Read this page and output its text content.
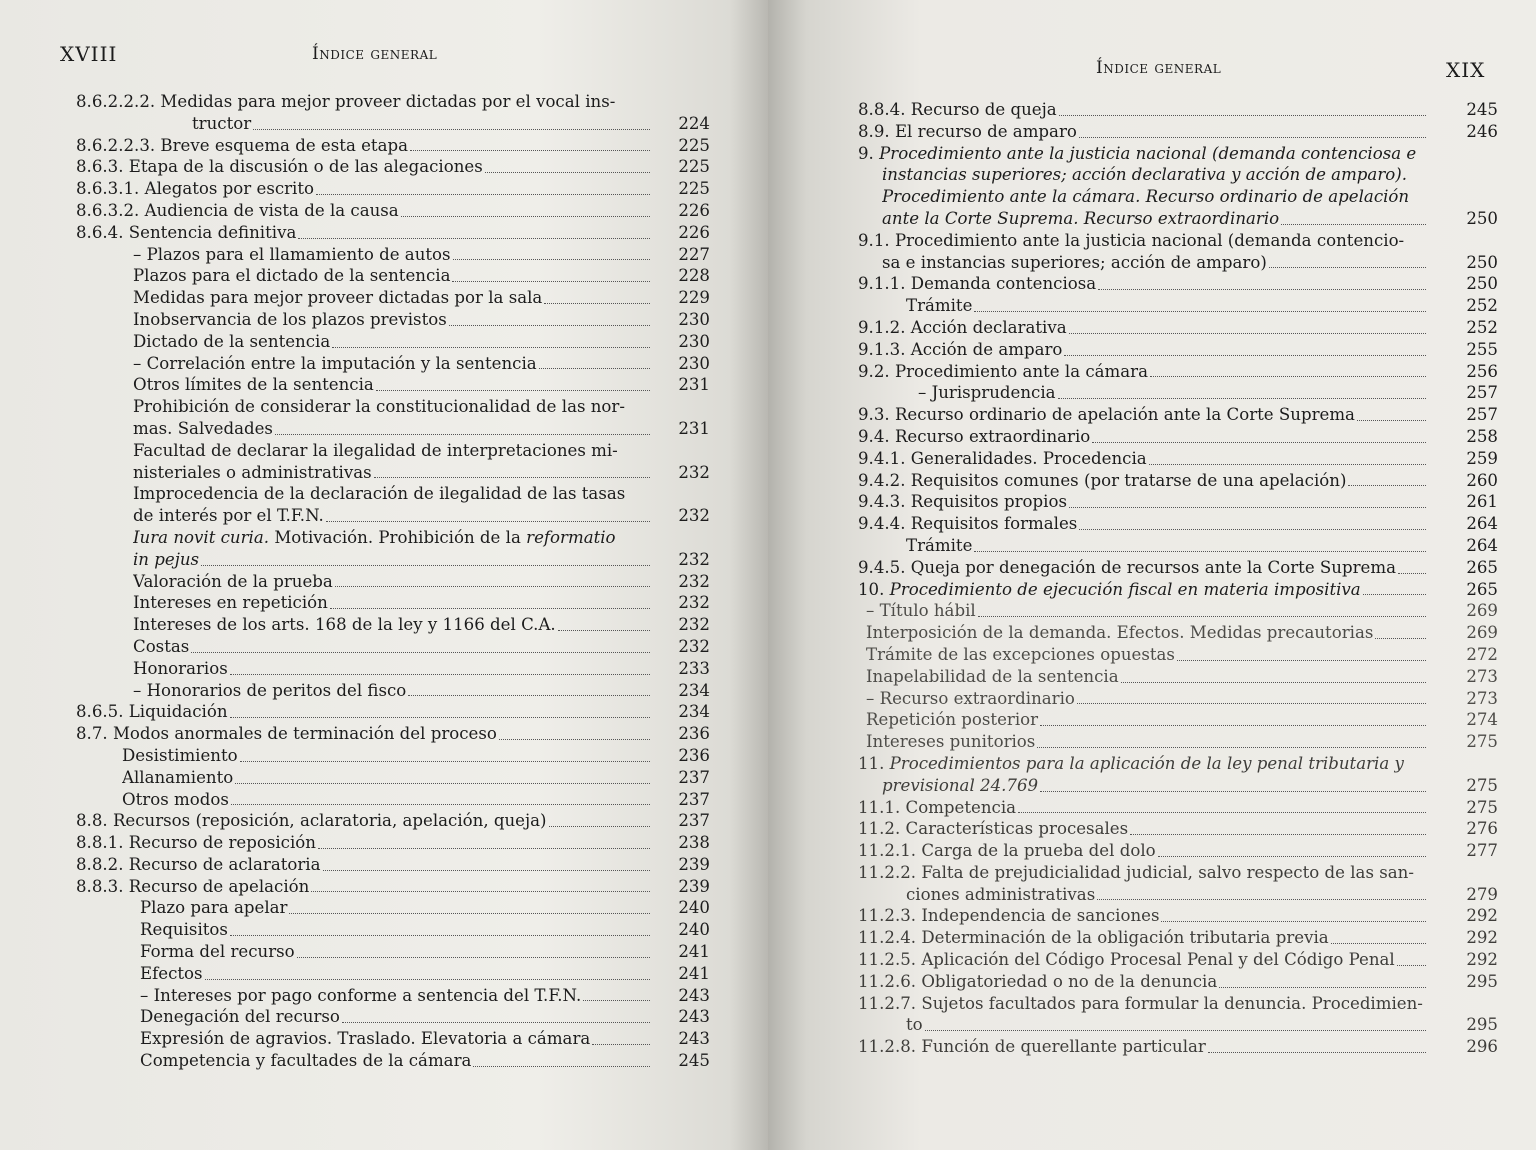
XVIII	Índice general
8.6.2.2.2. Medidas para mejor proveer dictadas por el vocal ins-
tructor	224
8.6.2.2.3. Breve esquema de esta etapa	225
8.6.3. Etapa de la discusión o de las alegaciones	225
8.6.3.1. Alegatos por escrito	225
8.6.3.2. Audiencia de vista de la causa	226
8.6.4. Sentencia definitiva	226
– Plazos para el llamamiento de autos	227
Plazos para el dictado de la sentencia	228
Medidas para mejor proveer dictadas por la sala	229
Inobservancia de los plazos previstos	230
Dictado de la sentencia	230
– Correlación entre la imputación y la sentencia	230
Otros límites de la sentencia	231
Prohibición de considerar la constitucionalidad de las nor-
mas. Salvedades	231
Facultad de declarar la ilegalidad de interpretaciones mi-
nisteriales o administrativas	232
Improcedencia de la declaración de ilegalidad de las tasas
de interés por el T.F.N.	232
Iura novit curia. Motivación. Prohibición de la reformatio
in pejus	232
Valoración de la prueba	232
Intereses en repetición	232
Intereses de los arts. 168 de la ley y 1166 del C.A.	232
Costas	232
Honorarios	233
– Honorarios de peritos del fisco	234
8.6.5. Liquidación	234
8.7. Modos anormales de terminación del proceso	236
Desistimiento	236
Allanamiento	237
Otros modos	237
8.8. Recursos (reposición, aclaratoria, apelación, queja)	237
8.8.1. Recurso de reposición	238
8.8.2. Recurso de aclaratoria	239
8.8.3. Recurso de apelación	239
Plazo para apelar	240
Requisitos	240
Forma del recurso	241
Efectos	241
– Intereses por pago conforme a sentencia del T.F.N.	243
Denegación del recurso	243
Expresión de agravios. Traslado. Elevatoria a cámara	243
Competencia y facultades de la cámara	245
Índice general	XIX
8.8.4. Recurso de queja	245
8.9. El recurso de amparo	246
9. Procedimiento ante la justicia nacional (demanda contenciosa e
instancias superiores; acción declarativa y acción de amparo).
Procedimiento ante la cámara. Recurso ordinario de apelación
ante la Corte Suprema. Recurso extraordinario	250
9.1. Procedimiento ante la justicia nacional (demanda contencio-
sa e instancias superiores; acción de amparo)	250
9.1.1. Demanda contenciosa	250
Trámite	252
9.1.2. Acción declarativa	252
9.1.3. Acción de amparo	255
9.2. Procedimiento ante la cámara	256
– Jurisprudencia	257
9.3. Recurso ordinario de apelación ante la Corte Suprema	257
9.4. Recurso extraordinario	258
9.4.1. Generalidades. Procedencia	259
9.4.2. Requisitos comunes (por tratarse de una apelación)	260
9.4.3. Requisitos propios	261
9.4.4. Requisitos formales	264
Trámite	264
9.4.5. Queja por denegación de recursos ante la Corte Suprema	265
10. Procedimiento de ejecución fiscal en materia impositiva	265
– Título hábil	269
Interposición de la demanda. Efectos. Medidas precautorias	269
Trámite de las excepciones opuestas	272
Inapelabilidad de la sentencia	273
– Recurso extraordinario	273
Repetición posterior	274
Intereses punitorios	275
11. Procedimientos para la aplicación de la ley penal tributaria y
previsional 24.769	275
11.1. Competencia	275
11.2. Características procesales	276
11.2.1. Carga de la prueba del dolo	277
11.2.2. Falta de prejudicialidad judicial, salvo respecto de las san-
ciones administrativas	279
11.2.3. Independencia de sanciones	292
11.2.4. Determinación de la obligación tributaria previa	292
11.2.5. Aplicación del Código Procesal Penal y del Código Penal	292
11.2.6. Obligatoriedad o no de la denuncia	295
11.2.7. Sujetos facultados para formular la denuncia. Procedimien-
to	295
11.2.8. Función de querellante particular	296
